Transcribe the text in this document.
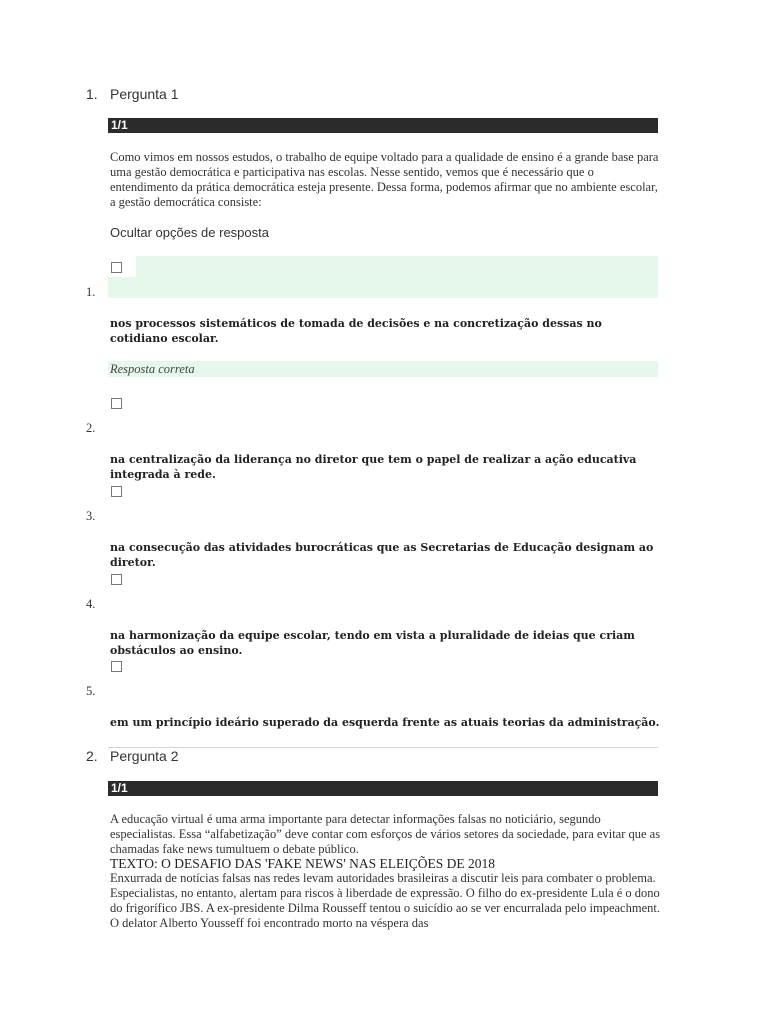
1. Pergunta 1
1/1
Como vimos em nossos estudos, o trabalho de equipe voltado para a qualidade de ensino é a grande base para uma gestão democrática e participativa nas escolas. Nesse sentido, vemos que é necessário que o entendimento da prática democrática esteja presente. Dessa forma, podemos afirmar que no ambiente escolar, a gestão democrática consiste:
Ocultar opções de resposta
1.
nos processos sistemáticos de tomada de decisões e na concretização dessas no cotidiano escolar.
Resposta correta
2.
na centralização da liderança no diretor que tem o papel de realizar a ação educativa integrada à rede.
3.
na consecução das atividades burocráticas que as Secretarias de Educação designam ao diretor.
4.
na harmonização da equipe escolar, tendo em vista a pluralidade de ideias que criam obstáculos ao ensino.
5.
em um princípio ideário superado da esquerda frente as atuais teorias da administração.
2. Pergunta 2
1/1
A educação virtual é uma arma importante para detectar informações falsas no noticiário, segundo especialistas. Essa “alfabetização” deve contar com esforços de vários setores da sociedade, para evitar que as chamadas fake news tumultuem o debate público.
TEXTO: O DESAFIO DAS 'FAKE NEWS' NAS ELEIÇÕES DE 2018
Enxurrada de notícias falsas nas redes levam autoridades brasileiras a discutir leis para combater o problema. Especialistas, no entanto, alertam para riscos à liberdade de expressão. O filho do ex-presidente Lula é o dono do frigorífico JBS. A ex-presidente Dilma Rousseff tentou o suicídio ao se ver encurralada pelo impeachment. O delator Alberto Yousseff foi encontrado morto na véspera das
